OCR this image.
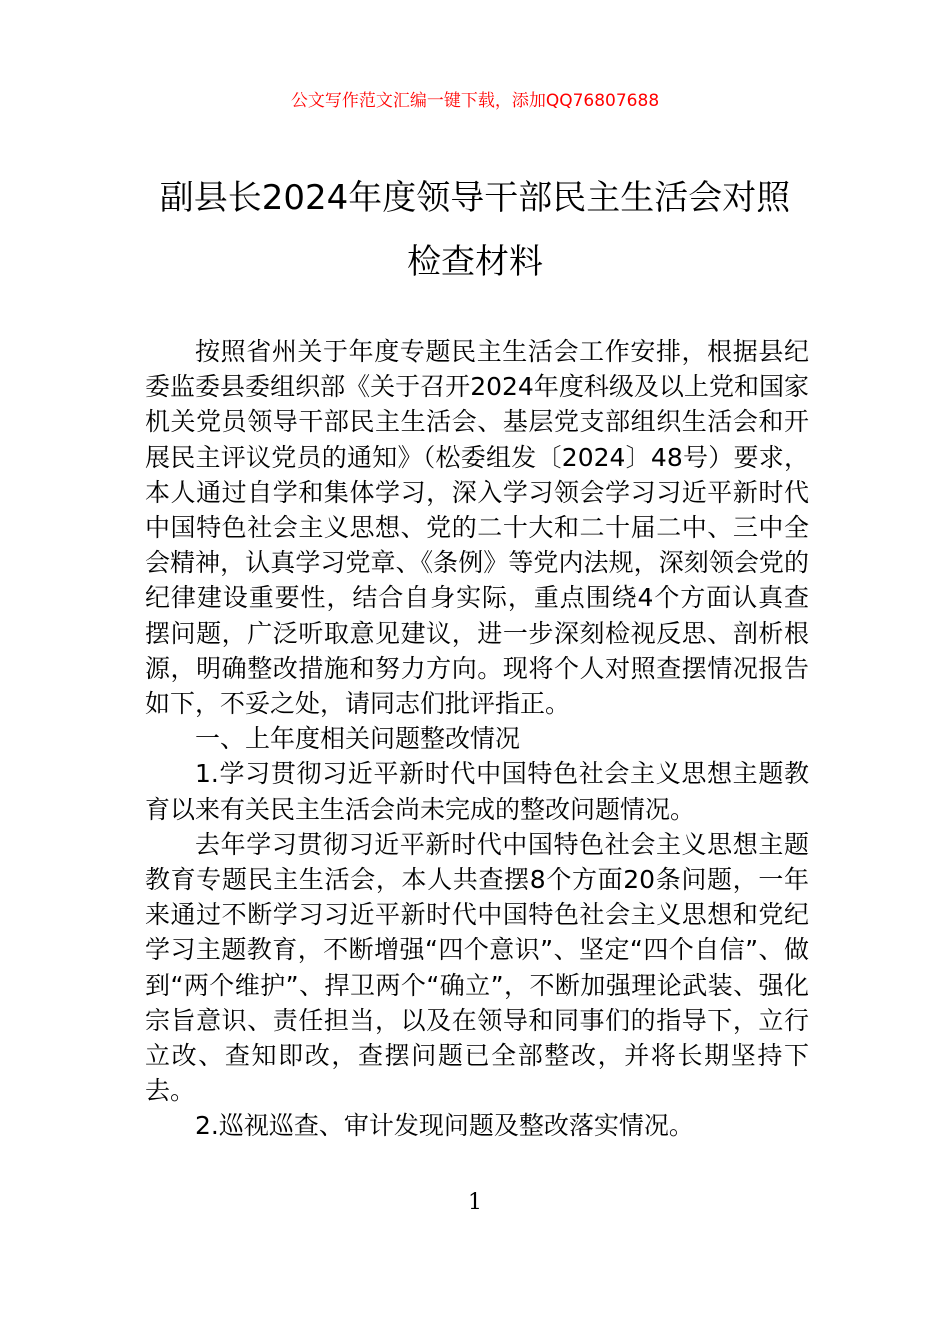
公文写作范文汇编一键下载，添加QQ76807688
副县长2024年度领导干部民主生活会对照
检查材料

按照省州关于年度专题民主生活会工作安排，根据县纪委监委县委组织部《关于召开2024年度科级及以上党和国家机关党员领导干部民主生活会、基层党支部组织生活会和开展民主评议党员的通知》（松委组发〔2024〕48号）要求，本人通过自学和集体学习，深入学习领会学习习近平新时代中国特色社会主义思想、党的二十大和二十届二中、三中全会精神，认真学习党章、《条例》等党内法规，深刻领会党的纪律建设重要性，结合自身实际，重点围绕4个方面认真查摆问题，广泛听取意见建议，进一步深刻检视反思、剖析根源，明确整改措施和努力方向。现将个人对照查摆情况报告如下，不妥之处，请同志们批评指正。

一、上年度相关问题整改情况

1.学习贯彻习近平新时代中国特色社会主义思想主题教育以来有关民主生活会尚未完成的整改问题情况。

去年学习贯彻习近平新时代中国特色社会主义思想主题教育专题民主生活会，本人共查摆8个方面20条问题，一年来通过不断学习习近平新时代中国特色社会主义思想和党纪学习主题教育，不断增强“四个意识”、坚定“四个自信”、做到“两个维护”、捍卫两个“确立”，不断加强理论武装、强化宗旨意识、责任担当，以及在领导和同事们的指导下，立行立改、查知即改，查摆问题已全部整改，并将长期坚持下去。

2.巡视巡查、审计发现问题及整改落实情况。

1
